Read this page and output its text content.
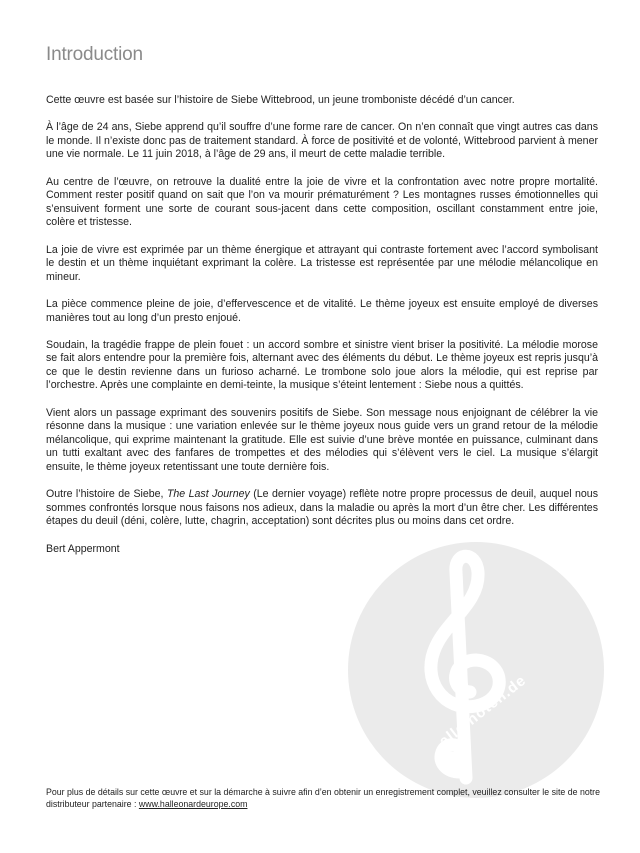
Introduction

Cette œuvre est basée sur l’histoire de Siebe Wittebrood, un jeune tromboniste décédé d’un cancer.

À l’âge de 24 ans, Siebe apprend qu’il souffre d’une forme rare de cancer. On n’en connaît que vingt autres cas dans le monde. Il n’existe donc pas de traitement standard. À force de positivité et de volonté, Wittebrood parvient à mener une vie normale. Le 11 juin 2018, à l’âge de 29 ans, il meurt de cette maladie terrible.

Au centre de l’œuvre, on retrouve la dualité entre la joie de vivre et la confrontation avec notre propre mortalité. Comment rester positif quand on sait que l’on va mourir prématurément ? Les montagnes russes émotionnelles qui s’ensuivent forment une sorte de courant sous-jacent dans cette composition, oscillant constamment entre joie, colère et tristesse.

La joie de vivre est exprimée par un thème énergique et attrayant qui contraste fortement avec l’accord symbolisant le destin et un thème inquiétant exprimant la colère. La tristesse est représentée par une mélodie mélancolique en mineur.

La pièce commence pleine de joie, d’effervescence et de vitalité. Le thème joyeux est ensuite employé de diverses manières tout au long d’un presto enjoué.

Soudain, la tragédie frappe de plein fouet : un accord sombre et sinistre vient briser la positivité. La mélodie morose se fait alors entendre pour la première fois, alternant avec des éléments du début. Le thème joyeux est repris jusqu’à ce que le destin revienne dans un furioso acharné. Le trombone solo joue alors la mélodie, qui est reprise par l’orchestre. Après une complainte en demi-teinte, la musique s’éteint lentement : Siebe nous a quittés.

Vient alors un passage exprimant des souvenirs positifs de Siebe. Son message nous enjoignant de célébrer la vie résonne dans la musique : une variation enlevée sur le thème joyeux nous guide vers un grand retour de la mélodie mélancolique, qui exprime maintenant la gratitude. Elle est suivie d’une brève montée en puissance, culminant dans un tutti exaltant avec des fanfares de trompettes et des mélodies qui s’élèvent vers le ciel. La musique s’élargit ensuite, le thème joyeux retentissant une toute dernière fois.

Outre l’histoire de Siebe, The Last Journey (Le dernier voyage) reflète notre propre processus de deuil, auquel nous sommes confrontés lorsque nous faisons nos adieux, dans la maladie ou après la mort d’un être cher. Les différentes étapes du deuil (déni, colère, lutte, chagrin, acceptation) sont décrites plus ou moins dans cet ordre.

Bert Appermont

alle-noten.de
Pour plus de détails sur cette œuvre et sur la démarche à suivre afin d’en obtenir un enregistrement complet, veuillez consulter le site de notre distributeur partenaire : www.halleonardeurope.com
